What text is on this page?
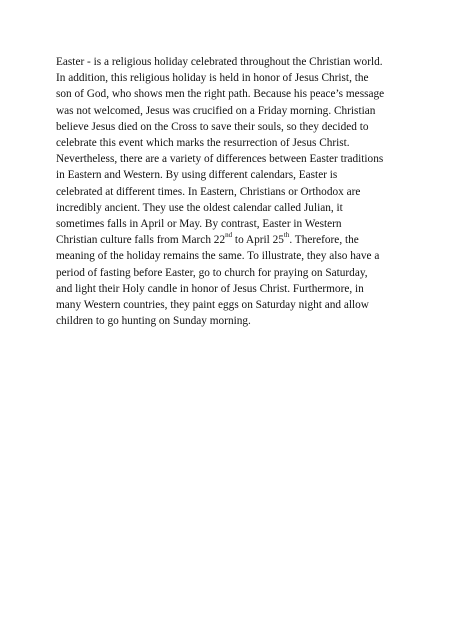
Easter - is a religious holiday celebrated throughout the Christian world.
In addition, this religious holiday is held in honor of Jesus Christ, the
son of God, who shows men the right path. Because his peace’s message
was not welcomed, Jesus was crucified on a Friday morning. Christian
believe Jesus died on the Cross to save their souls, so they decided to
celebrate this event which marks the resurrection of Jesus Christ.
Nevertheless, there are a variety of differences between Easter traditions
in Eastern and Western. By using different calendars, Easter is
celebrated at different times. In Eastern, Christians or Orthodox are
incredibly ancient. They use the oldest calendar called Julian, it
sometimes falls in April or May. By contrast, Easter in Western
Christian culture falls from March 22nd to April 25th. Therefore, the
meaning of the holiday remains the same. To illustrate, they also have a
period of fasting before Easter, go to church for praying on Saturday,
and light their Holy candle in honor of Jesus Christ. Furthermore, in
many Western countries, they paint eggs on Saturday night and allow
children to go hunting on Sunday morning.
